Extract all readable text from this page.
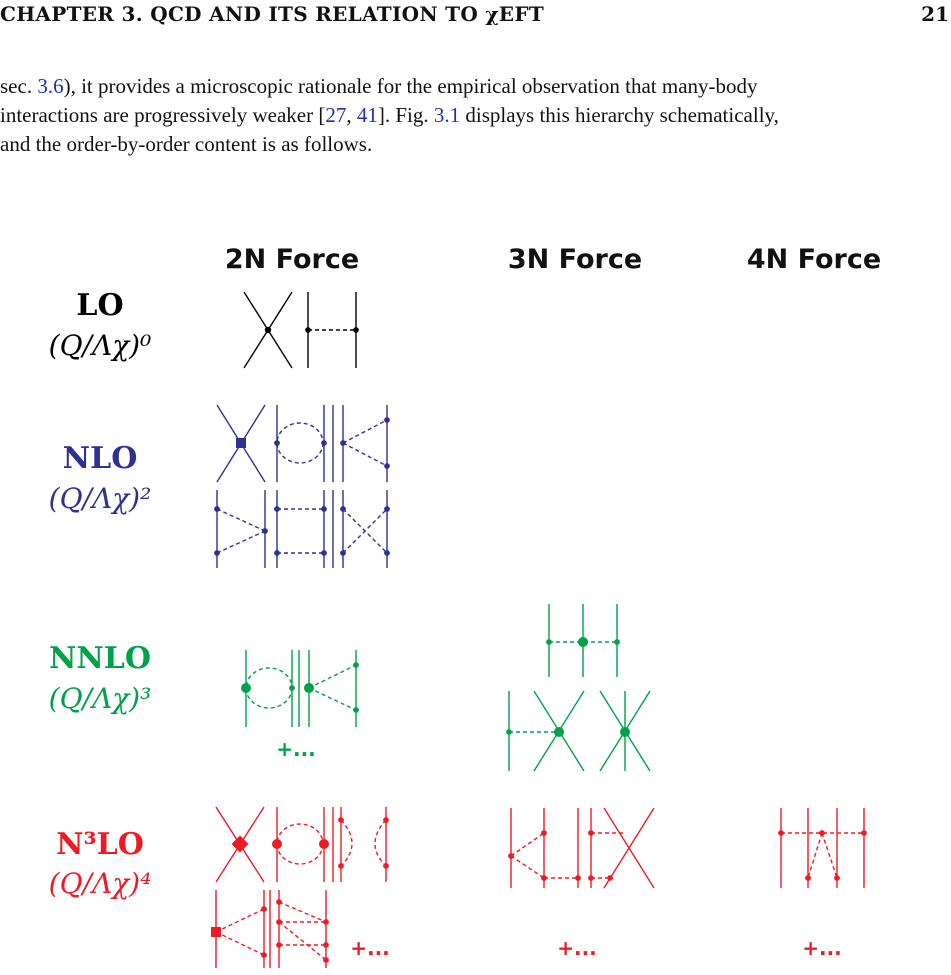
CHAPTER 3. QCD AND ITS RELATION TO χEFT	21
sec. 3.6), it provides a microscopic rationale for the empirical observation that many-body
interactions are progressively weaker [27, 41]. Fig. 3.1 displays this hierarchy schematically,
and the order-by-order content is as follows.
2N Force	3N Force	4N Force
LO
(Q/Λχ)⁰
NLO
(Q/Λχ)²
NNLO
(Q/Λχ)³
N³LO
(Q/Λχ)⁴
+...
+...	+...	+...
